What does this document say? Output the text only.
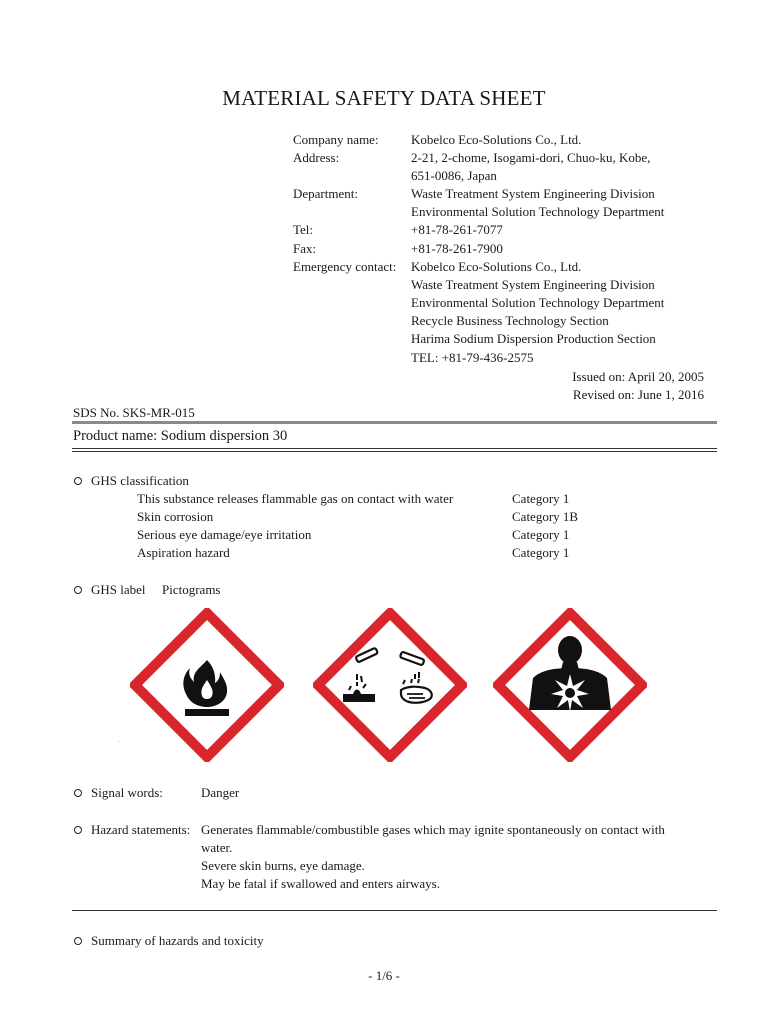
MATERIAL SAFETY DATA SHEET
Company name: Kobelco Eco-Solutions Co., Ltd.
Address:	2-21, 2-chome, Isogami-dori, Chuo-ku, Kobe,
651-0086, Japan
Department:	Waste Treatment System Engineering Division
Environmental Solution Technology Department
Tel:	+81-78-261-7077
Fax:	+81-78-261-7900
Emergency contact: Kobelco Eco-Solutions Co., Ltd.
Waste Treatment System Engineering Division
Environmental Solution Technology Department
Recycle Business Technology Section
Harima Sodium Dispersion Production Section
TEL: +81-79-436-2575
Issued on: April 20, 2005
Revised on: June 1, 2016
SDS No. SKS-MR-015
Product name: Sodium dispersion 30
GHS classification
This substance releases flammable gas on contact with water	Category 1
Skin corrosion	Category 1B
Serious eye damage/eye irritation	Category 1
Aspiration hazard	Category 1
GHS label Pictograms
.
Signal words:	Danger
Hazard statements: Generates flammable/combustible gases which may ignite spontaneously on contact with
water.
Severe skin burns, eye damage.
May be fatal if swallowed and enters airways.
Summary of hazards and toxicity
- 1/6 -
